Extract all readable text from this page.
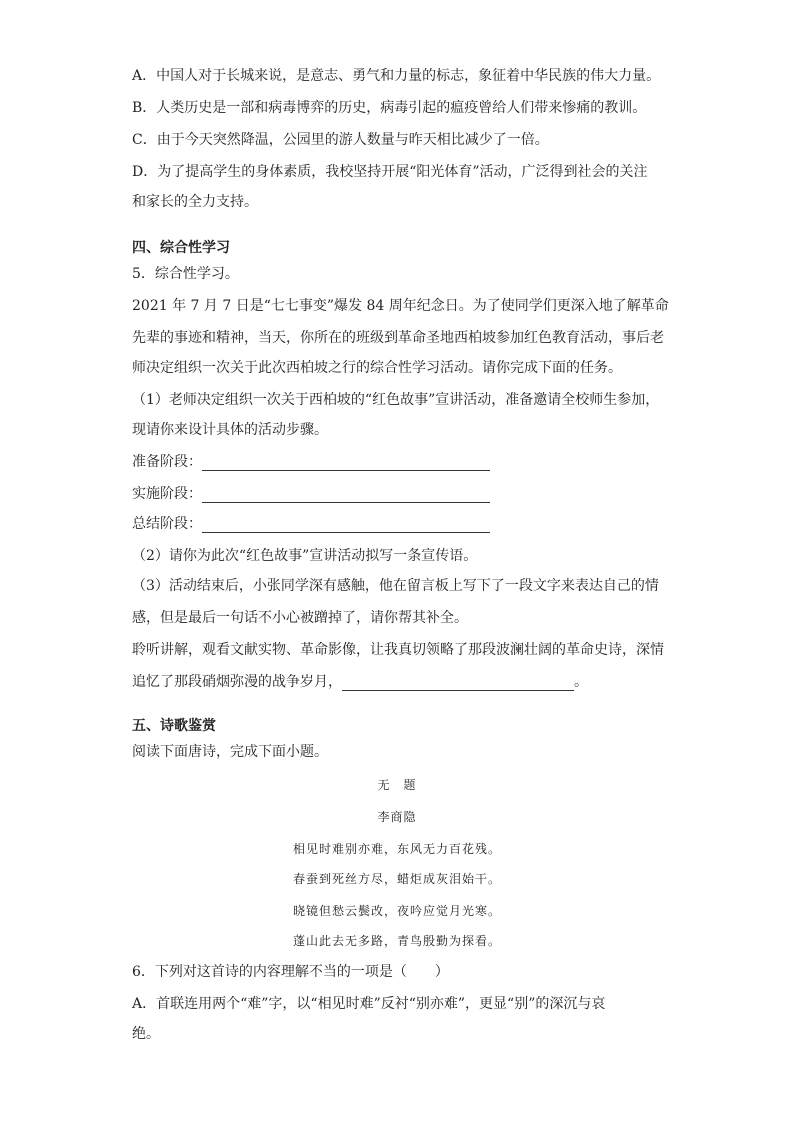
A．中国人对于长城来说，是意志、勇气和力量的标志，象征着中华民族的伟大力量。
B．人类历史是一部和病毒博弈的历史，病毒引起的瘟疫曾给人们带来惨痛的教训。
C．由于今天突然降温，公园里的游人数量与昨天相比减少了一倍。
D．为了提高学生的身体素质，我校坚持开展“阳光体育”活动，广泛得到社会的关注
和家长的全力支持。
四、综合性学习
5．综合性学习。
2021 年 7 月 7 日是“七七事变”爆发 84 周年纪念日。为了使同学们更深入地了解革命
先辈的事迹和精神，当天，你所在的班级到革命圣地西柏坡参加红色教育活动，事后老
师决定组织一次关于此次西柏坡之行的综合性学习活动。请你完成下面的任务。
（1）老师决定组织一次关于西柏坡的“红色故事”宣讲活动，准备邀请全校师生参加，
现请你来设计具体的活动步骤。
准备阶段：
实施阶段：
总结阶段：
（2）请你为此次“红色故事”宣讲活动拟写一条宣传语。
（3）活动结束后，小张同学深有感触，他在留言板上写下了一段文字来表达自己的情
感，但是最后一句话不小心被蹭掉了，请你帮其补全。
聆听讲解，观看文献实物、革命影像，让我真切领略了那段波澜壮阔的革命史诗，深情
追忆了那段硝烟弥漫的战争岁月，	。
五、诗歌鉴赏
阅读下面唐诗，完成下面小题。
无　题
李商隐
相见时难别亦难，东风无力百花残。
春蚕到死丝方尽，蜡炬成灰泪始干。
晓镜但愁云鬓改，夜吟应觉月光寒。
蓬山此去无多路，青鸟殷勤为探看。
6．下列对这首诗的内容理解不当的一项是（　　）
A．首联连用两个“难”字，以“相见时难”反衬“别亦难”，更显“别”的深沉与哀
绝。
